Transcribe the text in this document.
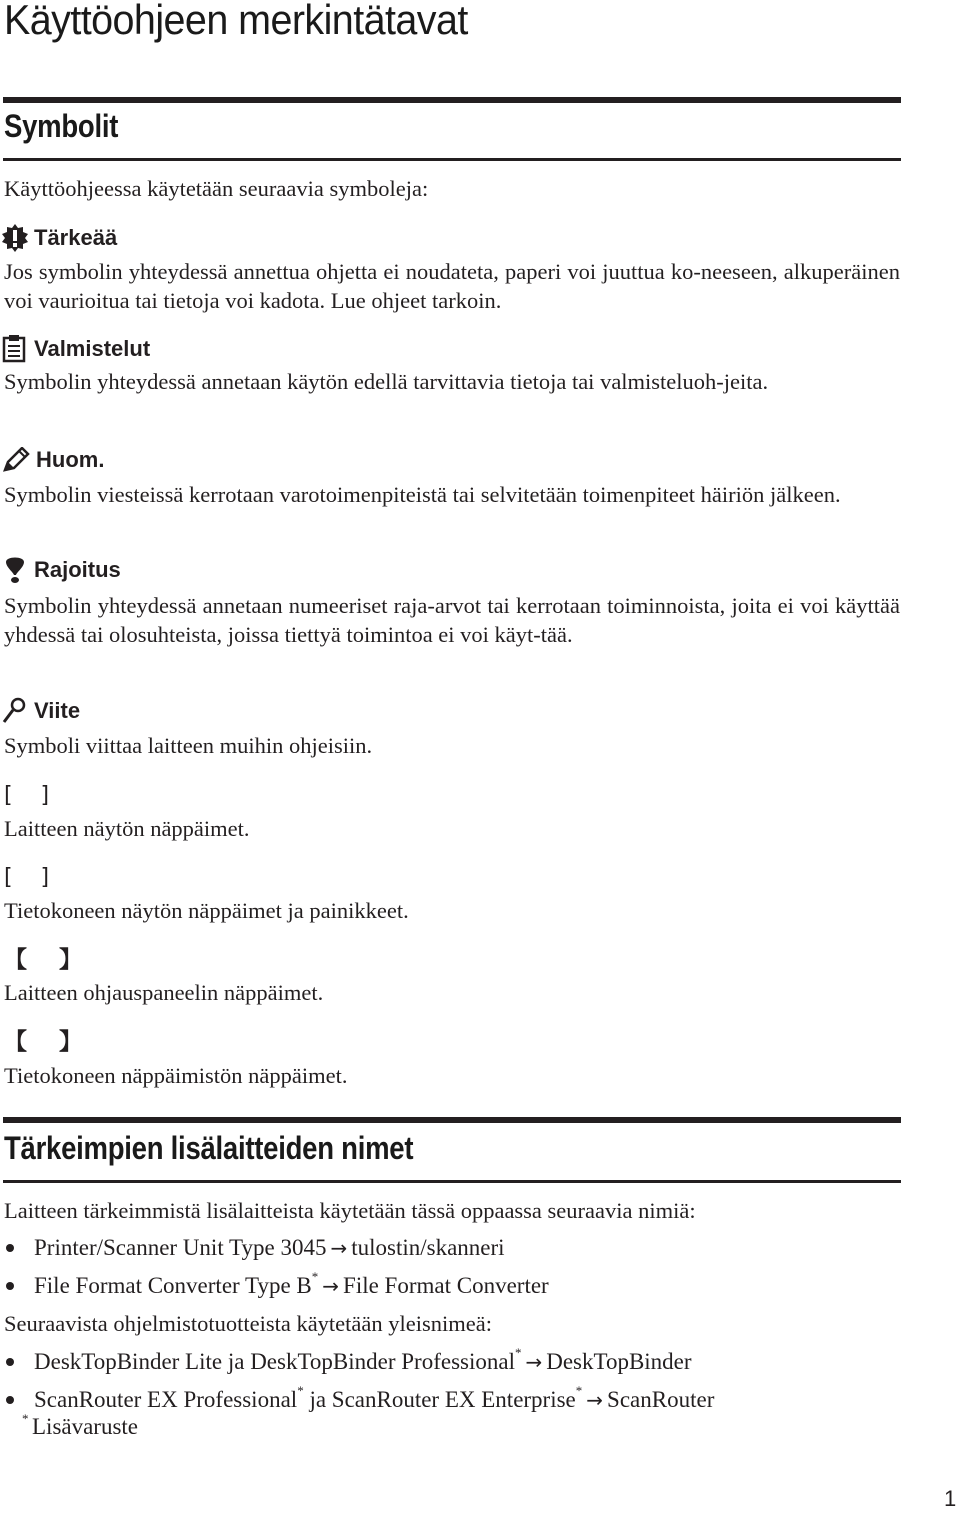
Käyttöohjeen merkintätavat
Symbolit

Käyttöohjeessa käytetään seuraavia symboleja:

Tärkeää

Jos symbolin yhteydessä annettua ohjetta ei noudateta, paperi voi juuttua ko-neeseen, alkuperäinen voi vaurioitua tai tietoja voi kadota. Lue ohjeet tarkoin.

Valmistelut

Symbolin yhteydessä annetaan käytön edellä tarvittavia tietoja tai valmisteluoh-jeita.

Huom.

Symbolin viesteissä kerrotaan varotoimenpiteistä tai selvitetään toimenpiteet häiriön jälkeen.

Rajoitus

Symbolin yhteydessä annetaan numeeriset raja-arvot tai kerrotaan toiminnoista, joita ei voi käyttää yhdessä tai olosuhteista, joissa tiettyä toimintoa ei voi käyt-tää.

Viite

Symboli viittaa laitteen muihin ohjeisiin.

[    ]

Laitteen näytön näppäimet.

[    ]

Tietokoneen näytön näppäimet ja painikkeet.

【    】

Laitteen ohjauspaneelin näppäimet.

【    】

Tietokoneen näppäimistön näppäimet.

Tärkeimpien lisälaitteiden nimet

Laitteen tärkeimmistä lisälaitteista käytetään tässä oppaassa seuraavia nimiä:

Printer/Scanner Unit Type 3045 → tulostin/skanneri
File Format Converter Type B* → File Format Converter

Seuraavista ohjelmistotuotteista käytetään yleisnimeä:

DeskTopBinder Lite ja DeskTopBinder Professional* → DeskTopBinder
ScanRouter EX Professional* ja ScanRouter EX Enterprise* → ScanRouter
* Lisävaruste
1
